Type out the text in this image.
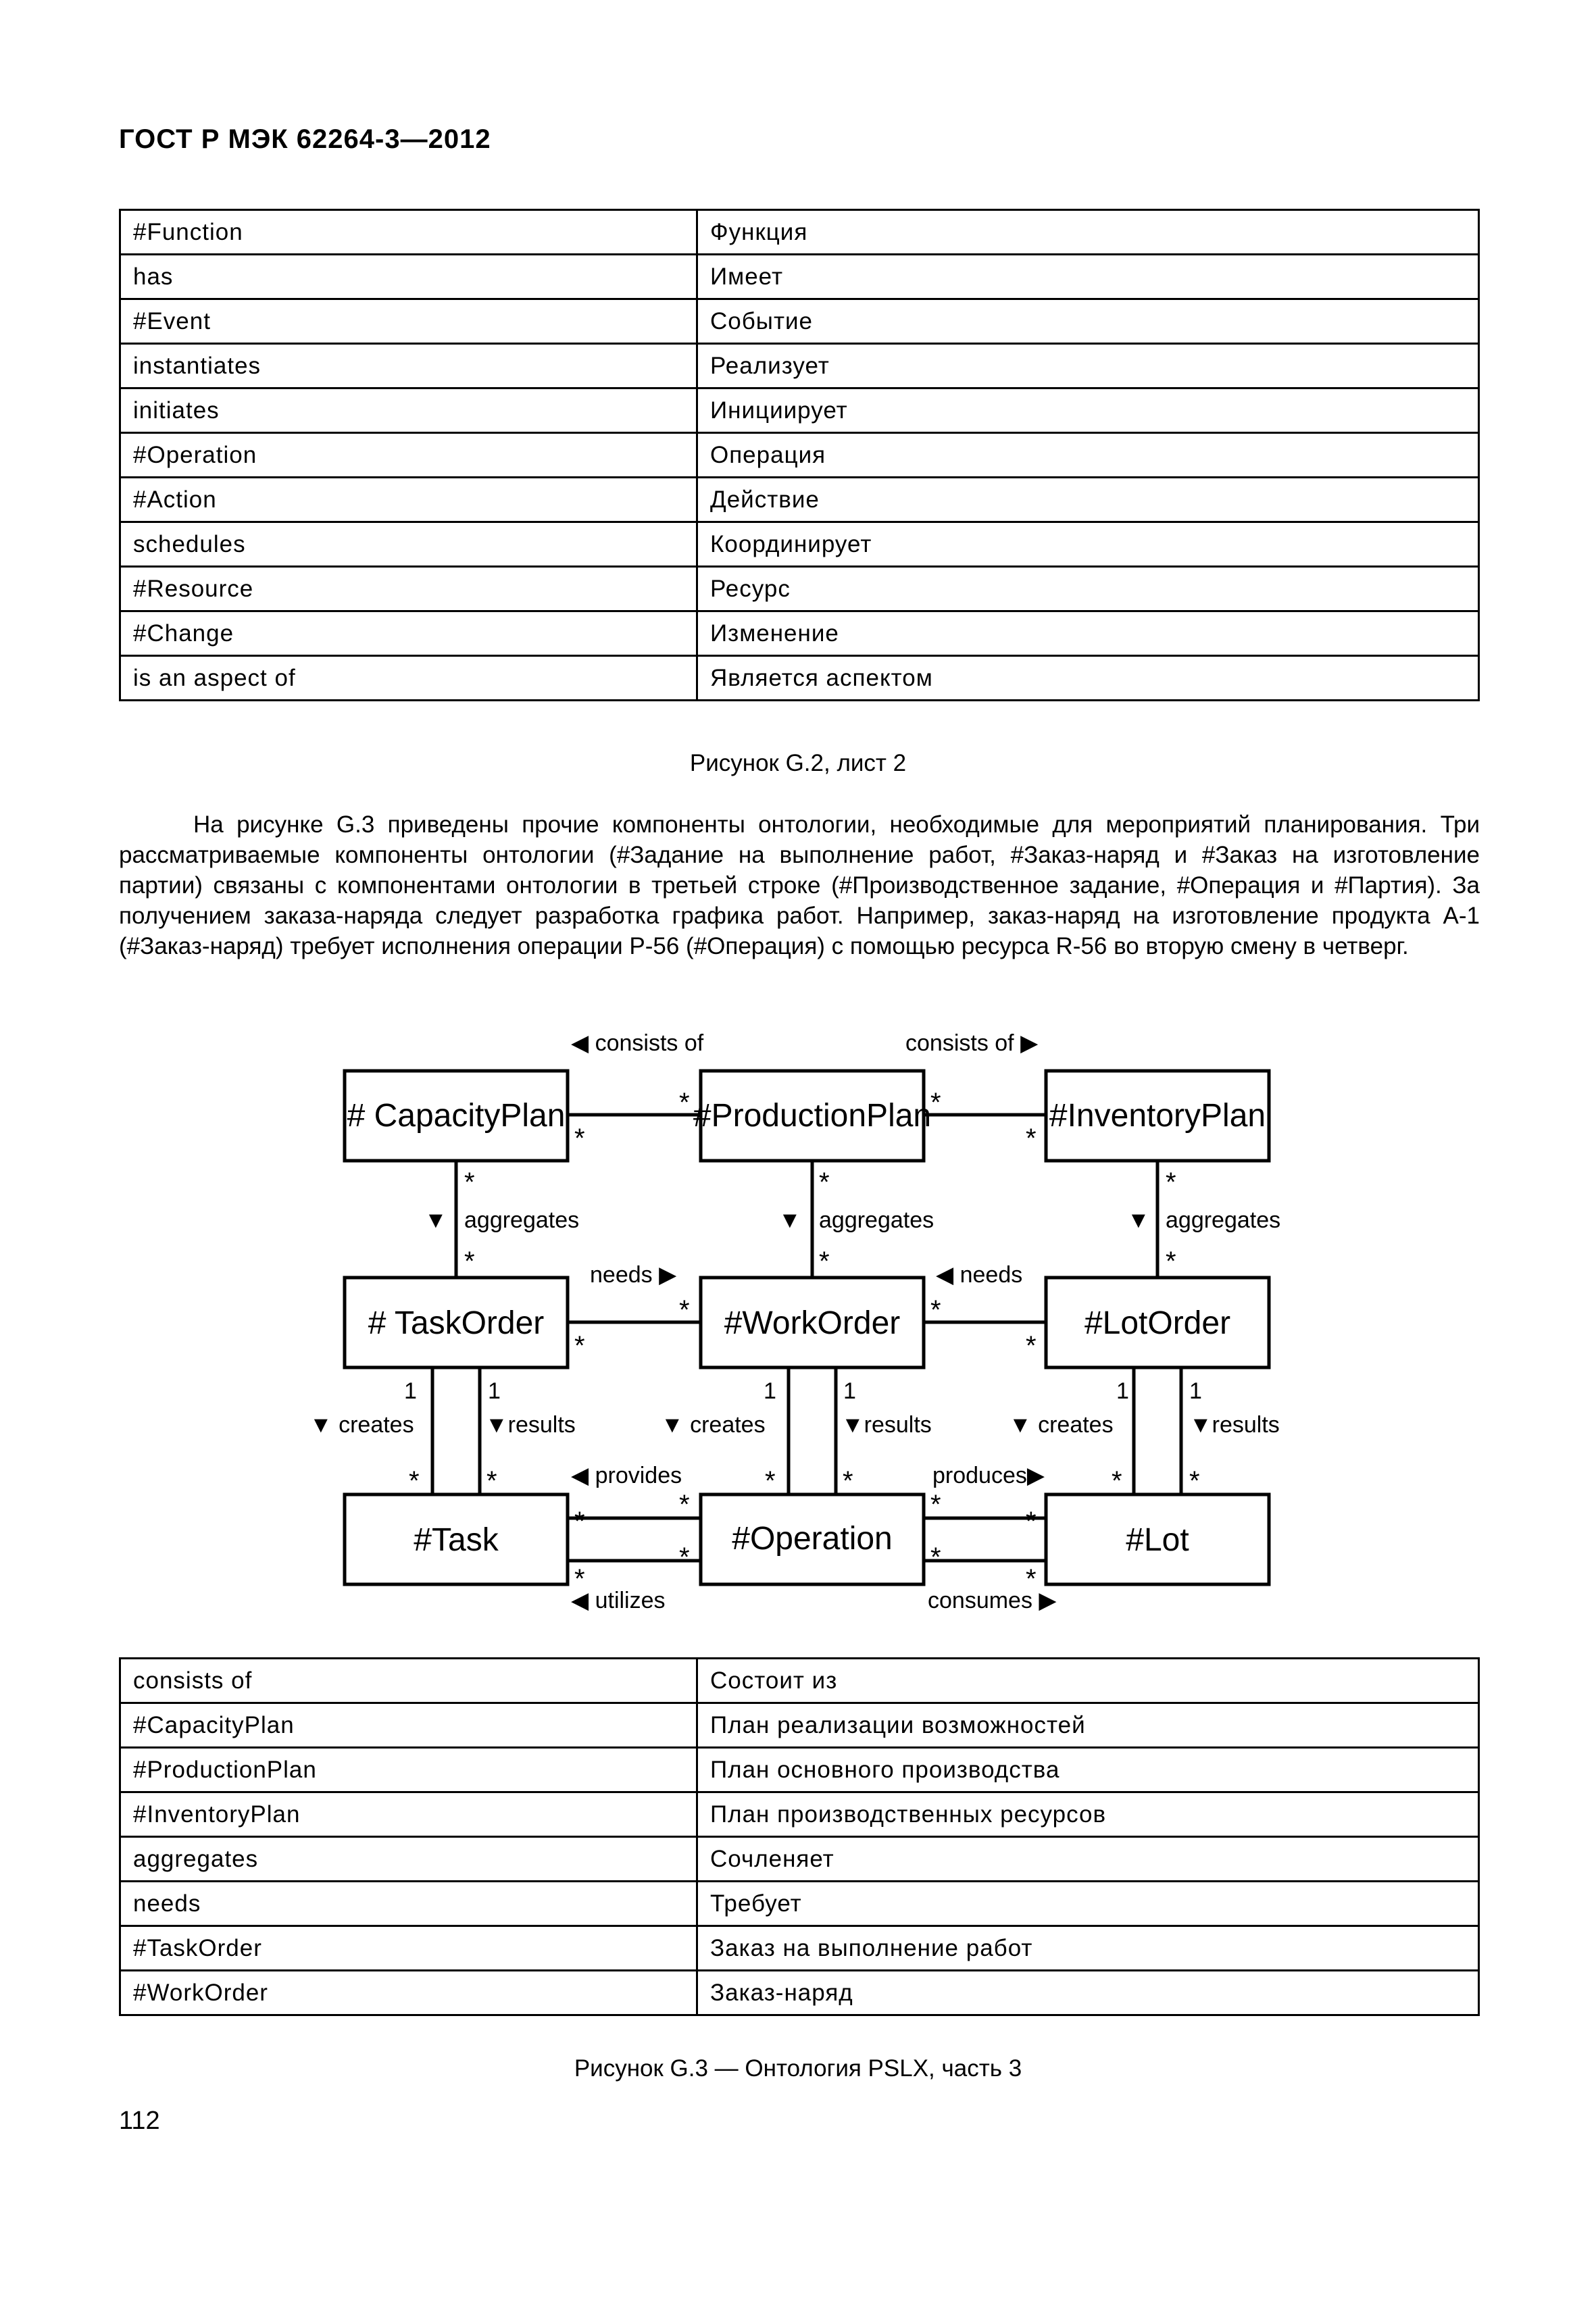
ГОСТ Р МЭК 62264-3—2012
#Function	Функция
has	Имеет
#Event	Событие
instantiates	Реализует
initiates	Инициирует
#Operation	Операция
#Action	Действие
schedules	Координирует
#Resource	Ресурс
#Change	Изменение
is an aspect of	Является аспектом
Рисунок G.2, лист 2

На рисунке G.3 приведены прочие компоненты онтологии, необходимые для мероприятий планирования. Три рассматриваемые компоненты онтологии (#Задание на выполнение работ, #Заказ-наряд и #Заказ на изготовление партии) связаны с компонентами онтологии в третьей строке (#Производственное задание, #Операция и #Партия). За получением заказа-наряда следует разработка графика работ. Например, заказ-наряд на изготовление продукта А-1 (#Заказ-наряд) требует исполнения операции Р-56 (#Операция) с помощью ресурса R-56 во вторую смену в четверг.

# CapacityPlan	#ProductionPlan	#InventoryPlan
# TaskOrder	#WorkOrder	#LotOrder
#Task	#Operation	#Lot
◀ consists of	consists of ▶
▼ aggregates	▼ aggregates	▼ aggregates
needs ▶	◀ needs
▼ creates	▼results	▼ creates	▼results	▼ creates	▼results
◀ provides	produces▶
◀ utilizes	consumes ▶
1	1	1	1	1	1
*
*	*
*
*
*
*
*
*
*
*
*	*
*
* *	* *	* *
*
*
*
*
*
*
*
*
consists of	Состоит из
#CapacityPlan	План реализации возможностей
#ProductionPlan	План основного производства
#InventoryPlan	План производственных ресурсов
aggregates	Сочленяет
needs	Требует
#TaskOrder	Заказ на выполнение работ
#WorkOrder	Заказ-наряд
Рисунок G.3 — Онтология PSLX, часть 3
112
